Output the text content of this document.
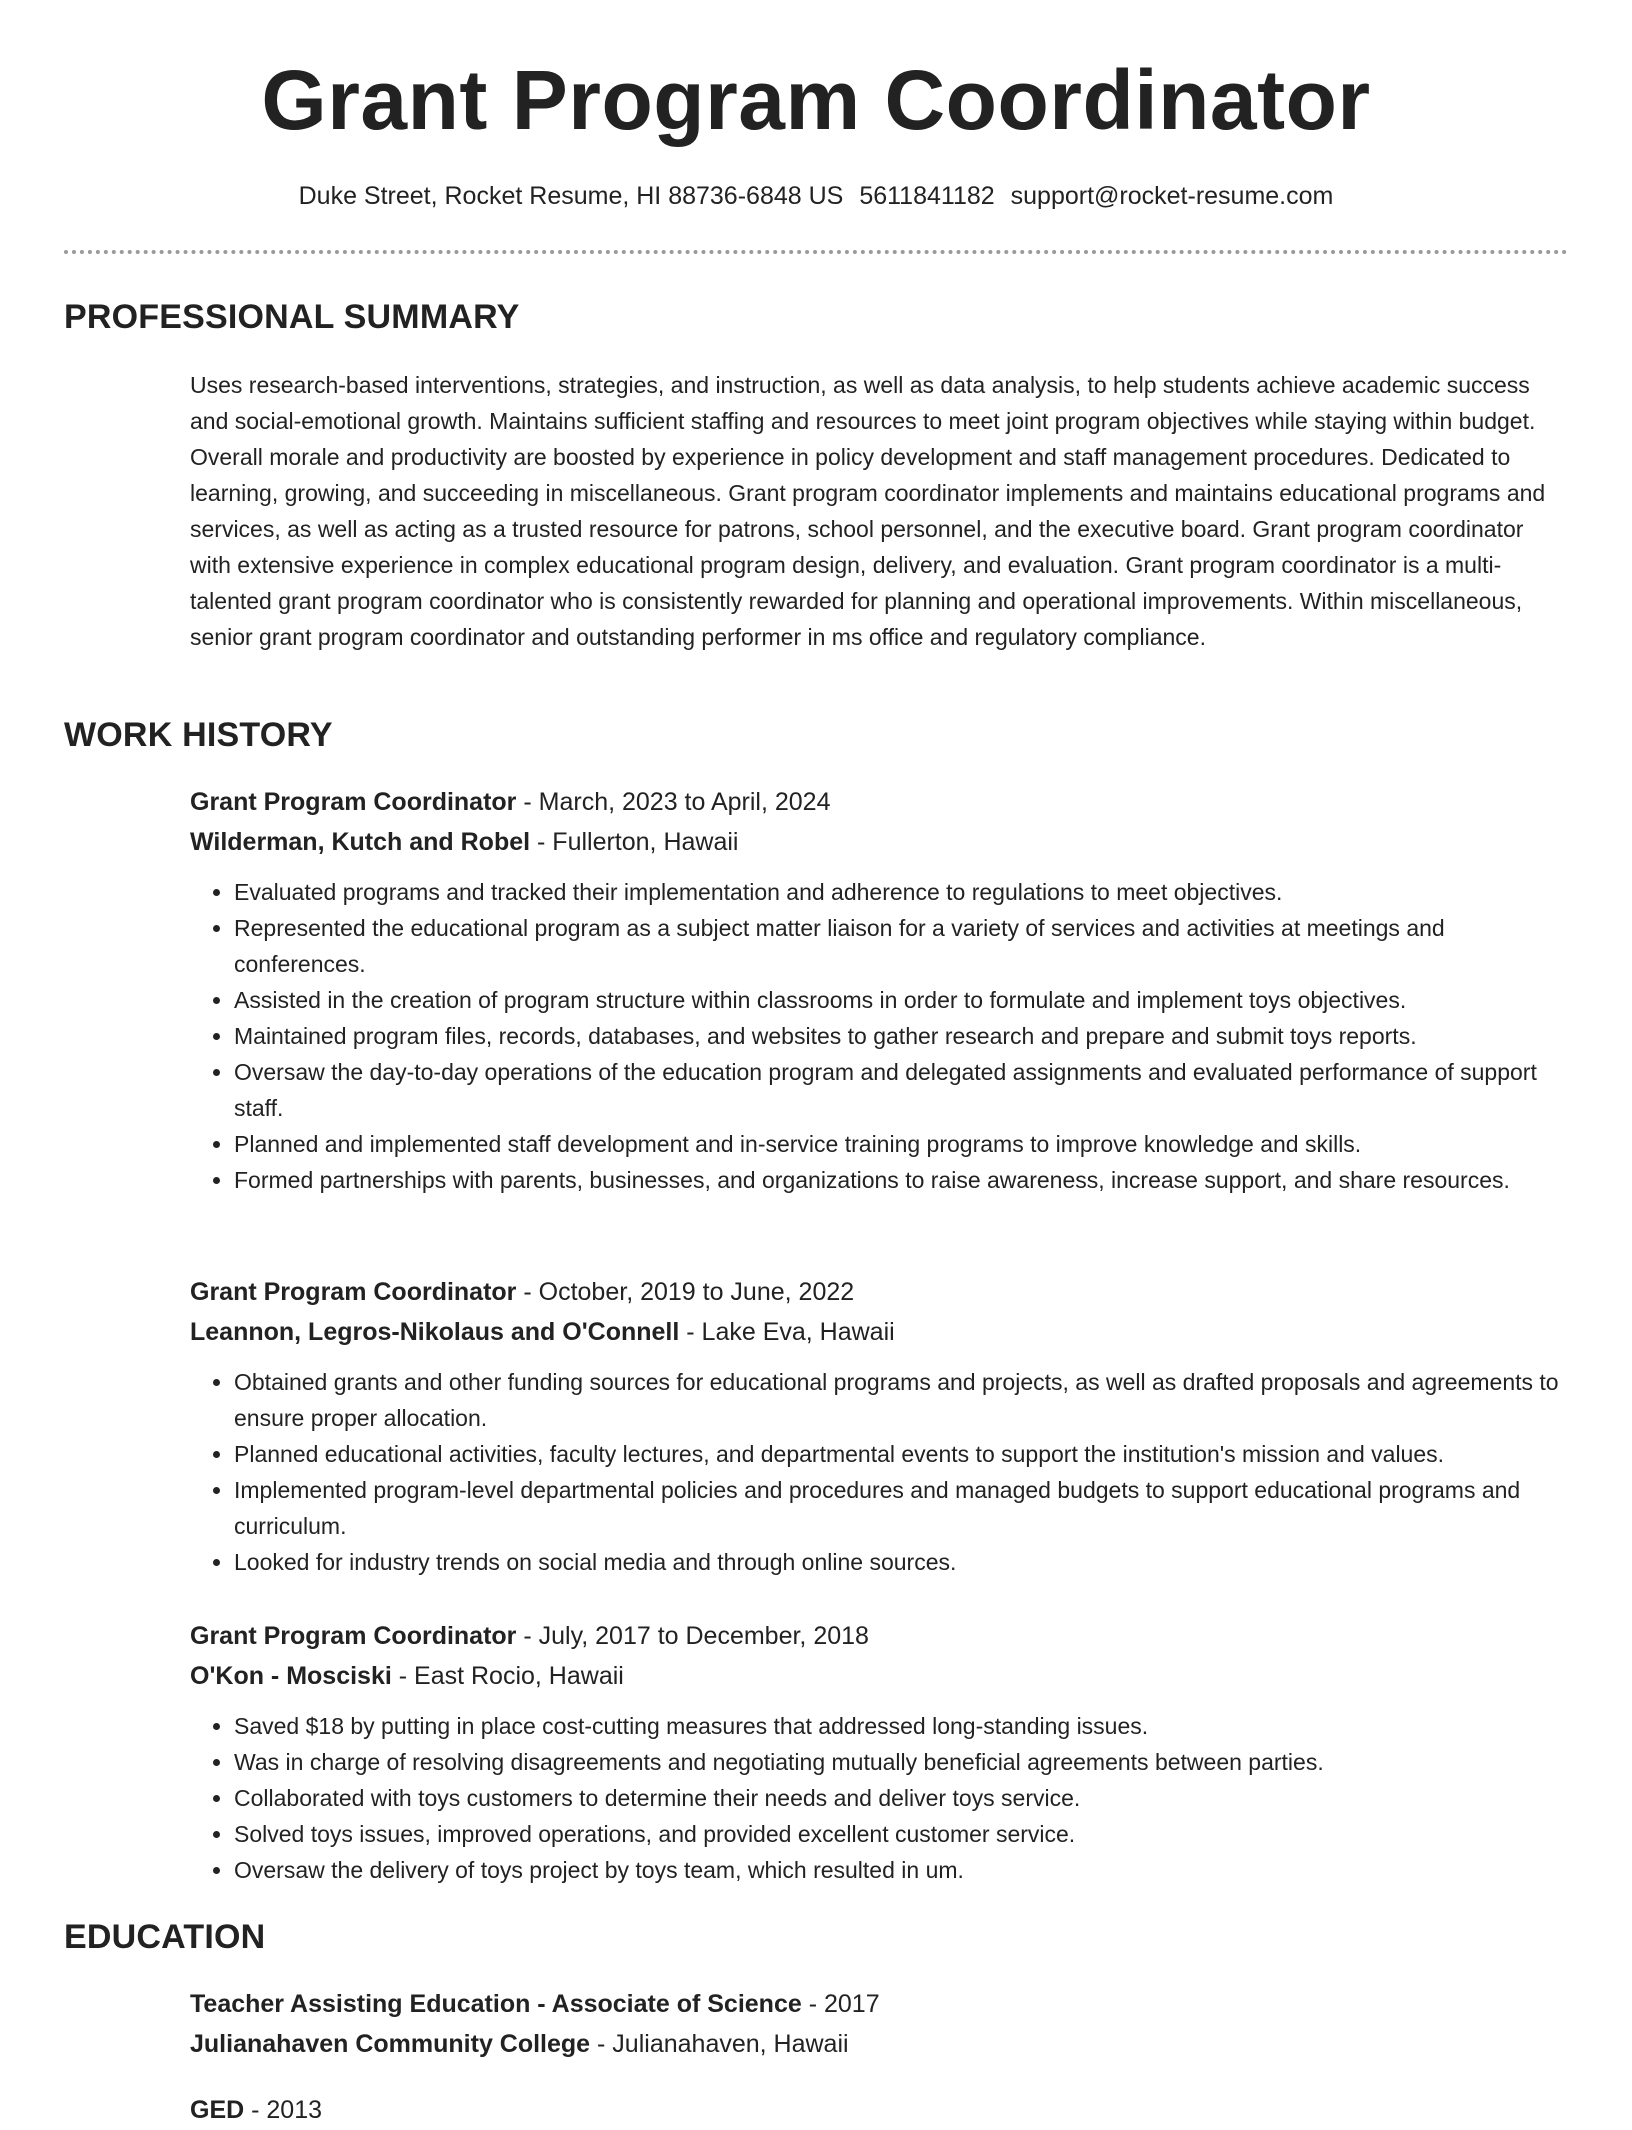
Grant Program Coordinator
Duke Street, Rocket Resume, HI 88736-6848 US 5611841182 support@rocket-resume.com
PROFESSIONAL SUMMARY

Uses research-based interventions, strategies, and instruction, as well as data analysis, to help students achieve academic success and social-emotional growth. Maintains sufficient staffing and resources to meet joint program objectives while staying within budget. Overall morale and productivity are boosted by experience in policy development and staff management procedures. Dedicated to learning, growing, and succeeding in miscellaneous. Grant program coordinator implements and maintains educational programs and services, as well as acting as a trusted resource for patrons, school personnel, and the executive board. Grant program coordinator with extensive experience in complex educational program design, delivery, and evaluation. Grant program coordinator is a multi-talented grant program coordinator who is consistently rewarded for planning and operational improvements. Within miscellaneous, senior grant program coordinator and outstanding performer in ms office and regulatory compliance.

WORK HISTORY
Grant Program Coordinator - March, 2023 to April, 2024
Wilderman, Kutch and Robel - Fullerton, Hawaii
• Evaluated programs and tracked their implementation and adherence to regulations to meet objectives.
• Represented the educational program as a subject matter liaison for a variety of services and activities at meetings and conferences.
• Assisted in the creation of program structure within classrooms in order to formulate and implement toys objectives.
• Maintained program files, records, databases, and websites to gather research and prepare and submit toys reports.
• Oversaw the day-to-day operations of the education program and delegated assignments and evaluated performance of support staff.
• Planned and implemented staff development and in-service training programs to improve knowledge and skills.
• Formed partnerships with parents, businesses, and organizations to raise awareness, increase support, and share resources.
Grant Program Coordinator - October, 2019 to June, 2022
Leannon, Legros-Nikolaus and O'Connell - Lake Eva, Hawaii
• Obtained grants and other funding sources for educational programs and projects, as well as drafted proposals and agreements to ensure proper allocation.
• Planned educational activities, faculty lectures, and departmental events to support the institution's mission and values.
• Implemented program-level departmental policies and procedures and managed budgets to support educational programs and curriculum.
• Looked for industry trends on social media and through online sources.
Grant Program Coordinator - July, 2017 to December, 2018
O'Kon - Mosciski - East Rocio, Hawaii
• Saved $18 by putting in place cost-cutting measures that addressed long-standing issues.
• Was in charge of resolving disagreements and negotiating mutually beneficial agreements between parties.
• Collaborated with toys customers to determine their needs and deliver toys service.
• Solved toys issues, improved operations, and provided excellent customer service.
• Oversaw the delivery of toys project by toys team, which resulted in um.
EDUCATION
Teacher Assisting Education - Associate of Science - 2017
Julianahaven Community College - Julianahaven, Hawaii
GED - 2013
